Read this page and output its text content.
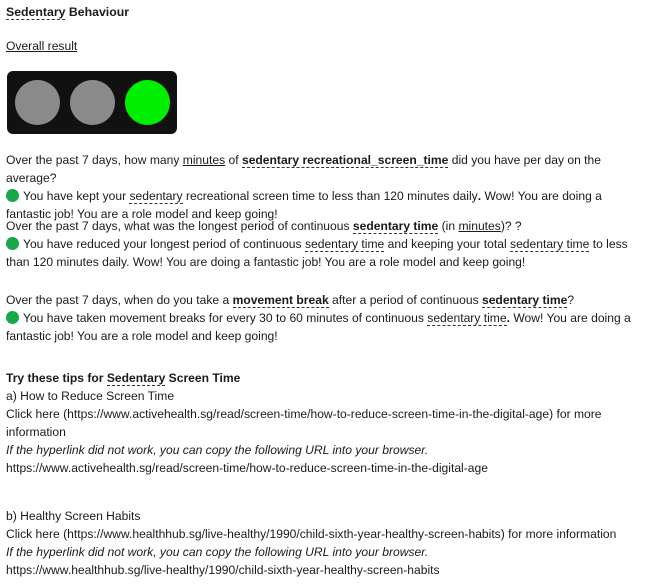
Sedentary Behaviour
Overall result

Over the past 7 days, how many minutes of sedentary recreational_screen_time did you have per day on the average?

You have kept your sedentary recreational screen time to less than 120 minutes daily. Wow! You are doing a fantastic job! You are a role model and keep going!

Over the past 7 days, what was the longest period of continuous sedentary time (in minutes)? ?

You have reduced your longest period of continuous sedentary time and keeping your total sedentary time to less than 120 minutes daily. Wow! You are doing a fantastic job! You are a role model and keep going!

Over the past 7 days, when do you take a movement break after a period of continuous sedentary time?

You have taken movement breaks for every 30 to 60 minutes of continuous sedentary time. Wow! You are doing a fantastic job! You are a role model and keep going!

Try these tips for Sedentary Screen Time

a) How to Reduce Screen Time

Click here (https://www.activehealth.sg/read/screen-time/how-to-reduce-screen-time-in-the-digital-age) for more information

If the hyperlink did not work, you can copy the following URL into your browser.

https://www.activehealth.sg/read/screen-time/how-to-reduce-screen-time-in-the-digital-age

b) Healthy Screen Habits

Click here (https://www.healthhub.sg/live-healthy/1990/child-sixth-year-healthy-screen-habits) for more information

If the hyperlink did not work, you can copy the following URL into your browser.

https://www.healthhub.sg/live-healthy/1990/child-sixth-year-healthy-screen-habits
